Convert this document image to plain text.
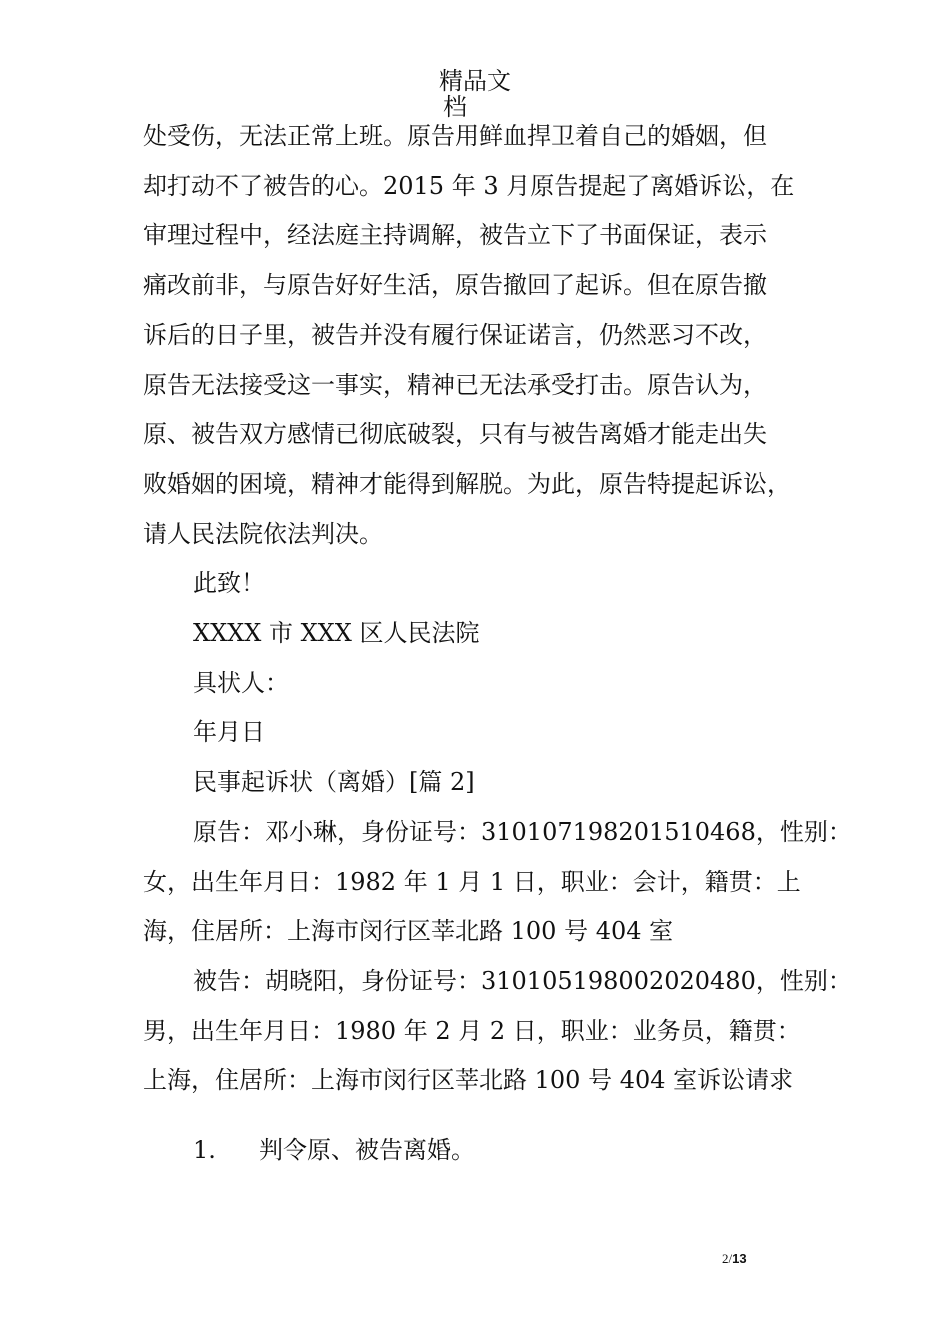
精品文
档

处受伤，无法正常上班。原告用鲜血捍卫着自己的婚姻，但

却打动不了被告的心。2015 年 3 月原告提起了离婚诉讼，在

审理过程中，经法庭主持调解，被告立下了书面保证，表示

痛改前非，与原告好好生活，原告撤回了起诉。但在原告撤

诉后的日子里，被告并没有履行保证诺言，仍然恶习不改，

原告无法接受这一事实，精神已无法承受打击。原告认为，

原、被告双方感情已彻底破裂，只有与被告离婚才能走出失

败婚姻的困境，精神才能得到解脱。为此，原告特提起诉讼，

请人民法院依法判决。

此致！

XXXX 市 XXX 区人民法院

具状人：

年月日

民事起诉状（离婚）[篇 2]

原告：邓小琳，身份证号：310107198201510468，性别：

女，出生年月日：1982 年 1 月 1 日，职业：会计，籍贯：上

海，住居所：上海市闵行区莘北路 100 号 404 室

被告：胡晓阳，身份证号：310105198002020480，性别：

男，出生年月日：1980 年 2 月 2 日，职业：业务员，籍贯：

上海，住居所：上海市闵行区莘北路 100 号 404 室诉讼请求

1. 判令原、被告离婚。
2/13
